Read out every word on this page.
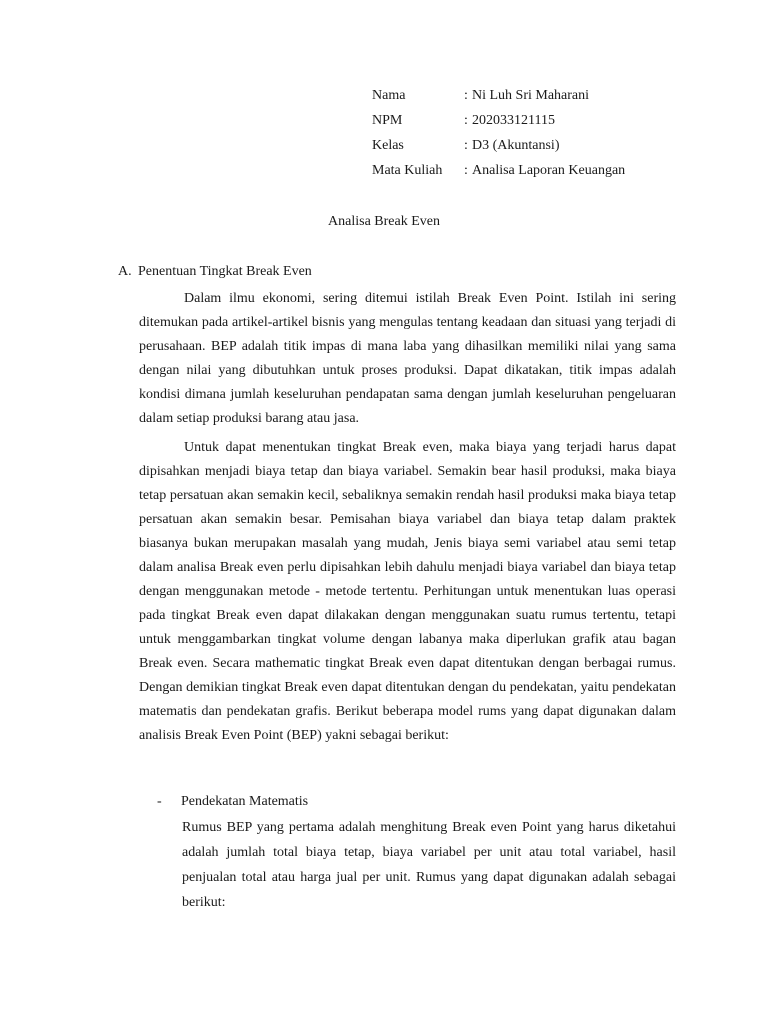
Nama	: Ni Luh Sri Maharani
NPM	: 202033121115
Kelas	: D3 (Akuntansi)
Mata Kuliah : Analisa Laporan Keuangan
Analisa Break Even
A. Penentuan Tingkat Break Even

Dalam ilmu ekonomi, sering ditemui istilah Break Even Point. Istilah ini sering ditemukan pada artikel-artikel bisnis yang mengulas tentang keadaan dan situasi yang terjadi di perusahaan. BEP adalah titik impas di mana laba yang dihasilkan memiliki nilai yang sama dengan nilai yang dibutuhkan untuk proses produksi. Dapat dikatakan, titik impas adalah kondisi dimana jumlah keseluruhan pendapatan sama dengan jumlah keseluruhan pengeluaran dalam setiap produksi barang atau jasa.

Untuk dapat menentukan tingkat Break even, maka biaya yang terjadi harus dapat dipisahkan menjadi biaya tetap dan biaya variabel. Semakin bear hasil produksi, maka biaya tetap persatuan akan semakin kecil, sebaliknya semakin rendah hasil produksi maka biaya tetap persatuan akan semakin besar. Pemisahan biaya variabel dan biaya tetap dalam praktek biasanya bukan merupakan masalah yang mudah, Jenis biaya semi variabel atau semi tetap dalam analisa Break even perlu dipisahkan lebih dahulu menjadi biaya variabel dan biaya tetap dengan menggunakan metode - metode tertentu. Perhitungan untuk menentukan luas operasi pada tingkat Break even dapat dilakakan dengan menggunakan suatu rumus tertentu, tetapi untuk menggambarkan tingkat volume dengan labanya maka diperlukan grafik atau bagan Break even. Secara mathematic tingkat Break even dapat ditentukan dengan berbagai rumus. Dengan demikian tingkat Break even dapat ditentukan dengan du pendekatan, yaitu pendekatan matematis dan pendekatan grafis. Berikut beberapa model rums yang dapat digunakan dalam analisis Break Even Point (BEP) yakni sebagai berikut:

- Pendekatan Matematis

Rumus BEP yang pertama adalah menghitung Break even Point yang harus diketahui adalah jumlah total biaya tetap, biaya variabel per unit atau total variabel, hasil penjualan total atau harga jual per unit. Rumus yang dapat digunakan adalah sebagai berikut:
